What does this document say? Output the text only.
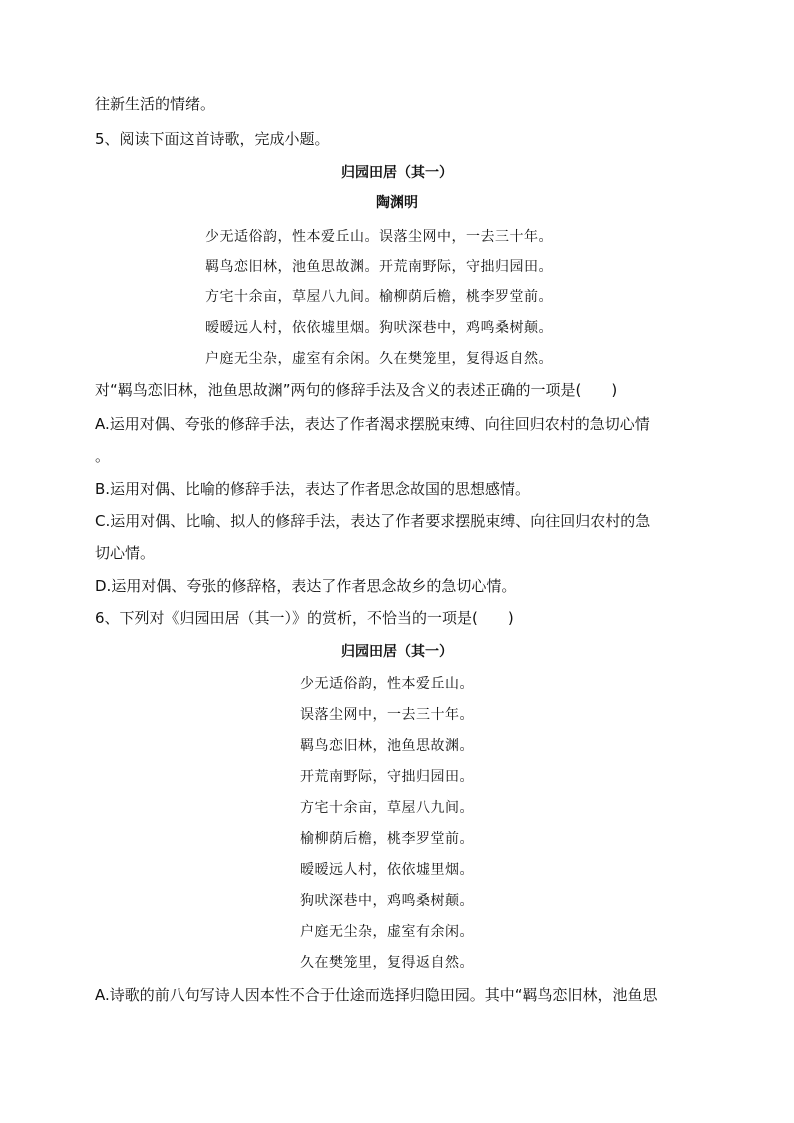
往新生活的情绪。
5、阅读下面这首诗歌，完成小题。
归园田居（其一）
陶渊明
少无适俗韵，性本爱丘山。误落尘网中，一去三十年。
羁鸟恋旧林，池鱼思故渊。开荒南野际，守拙归园田。
方宅十余亩，草屋八九间。榆柳荫后檐，桃李罗堂前。
暧暧远人村，依依墟里烟。狗吠深巷中，鸡鸣桑树颠。
户庭无尘杂，虚室有余闲。久在樊笼里，复得返自然。
对“羁鸟恋旧林，池鱼思故渊”两句的修辞手法及含义的表述正确的一项是(　　)
A.运用对偶、夸张的修辞手法，表达了作者渴求摆脱束缚、向往回归农村的急切心情
。
B.运用对偶、比喻的修辞手法，表达了作者思念故国的思想感情。
C.运用对偶、比喻、拟人的修辞手法，表达了作者要求摆脱束缚、向往回归农村的急
切心情。
D.运用对偶、夸张的修辞格，表达了作者思念故乡的急切心情。
6、下列对《归园田居（其一）》的赏析，不恰当的一项是(　　)
归园田居（其一）
少无适俗韵，性本爱丘山。
误落尘网中，一去三十年。
羁鸟恋旧林，池鱼思故渊。
开荒南野际，守拙归园田。
方宅十余亩，草屋八九间。
榆柳荫后檐，桃李罗堂前。
暧暧远人村，依依墟里烟。
狗吠深巷中，鸡鸣桑树颠。
户庭无尘杂，虚室有余闲。
久在樊笼里，复得返自然。
A.诗歌的前八句写诗人因本性不合于仕途而选择归隐田园。其中“羁鸟恋旧林，池鱼思
